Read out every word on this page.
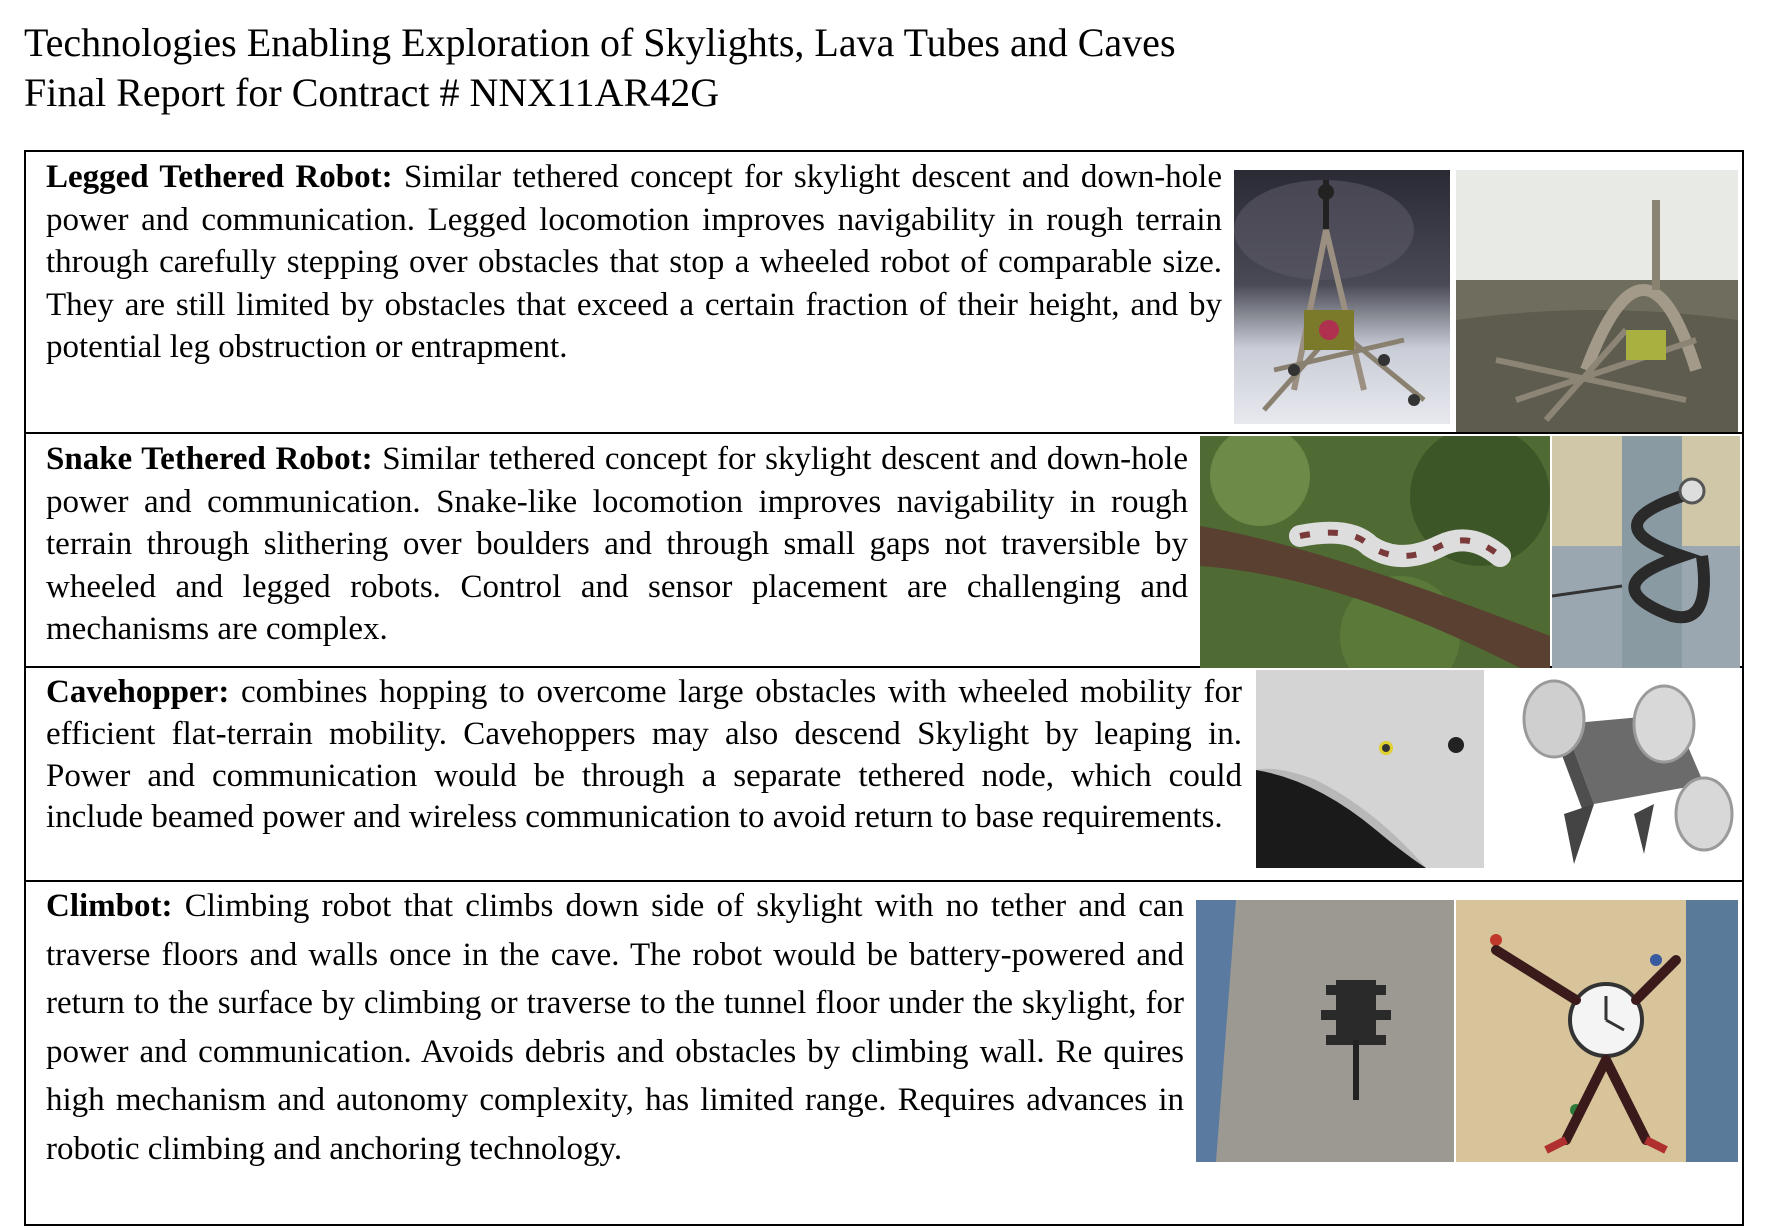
Technologies Enabling Exploration of Skylights, Lava Tubes and Caves
Final Report for Contract # NNX11AR42G
Legged Tethered Robot: Similar tethered concept for skylight descent and down-hole power and communication. Legged locomotion improves navigability in rough terrain through carefully stepping over obstacles that stop a wheeled robot of comparable size. They are still limited by obstacles that exceed a certain fraction of their height, and by potential leg obstruction or entrapment.
Snake Tethered Robot: Similar tethered concept for skylight descent and down-hole power and communication. Snake-like locomotion improves navigability in rough terrain through slithering over boulders and through small gaps not traversible by wheeled and legged robots. Control and sensor placement are challenging and mechanisms are complex.
Cavehopper: combines hopping to overcome large obstacles with wheeled mobility for efficient flat-terrain mobility. Cavehoppers may also descend Skylight by leaping in. Power and communication would be through a separate tethered node, which could include beamed power and wireless communication to avoid return to base requirements.
Climbot: Climbing robot that climbs down side of skylight with no tether and can traverse floors and walls once in the cave. The robot would be battery-powered and return to the surface by climbing or traverse to the tunnel floor under the skylight, for power and communication. Avoids debris and obstacles by climbing wall. Re quires high mechanism and autonomy complexity, has limited range. Requires advances in robotic climbing and anchoring technology.
